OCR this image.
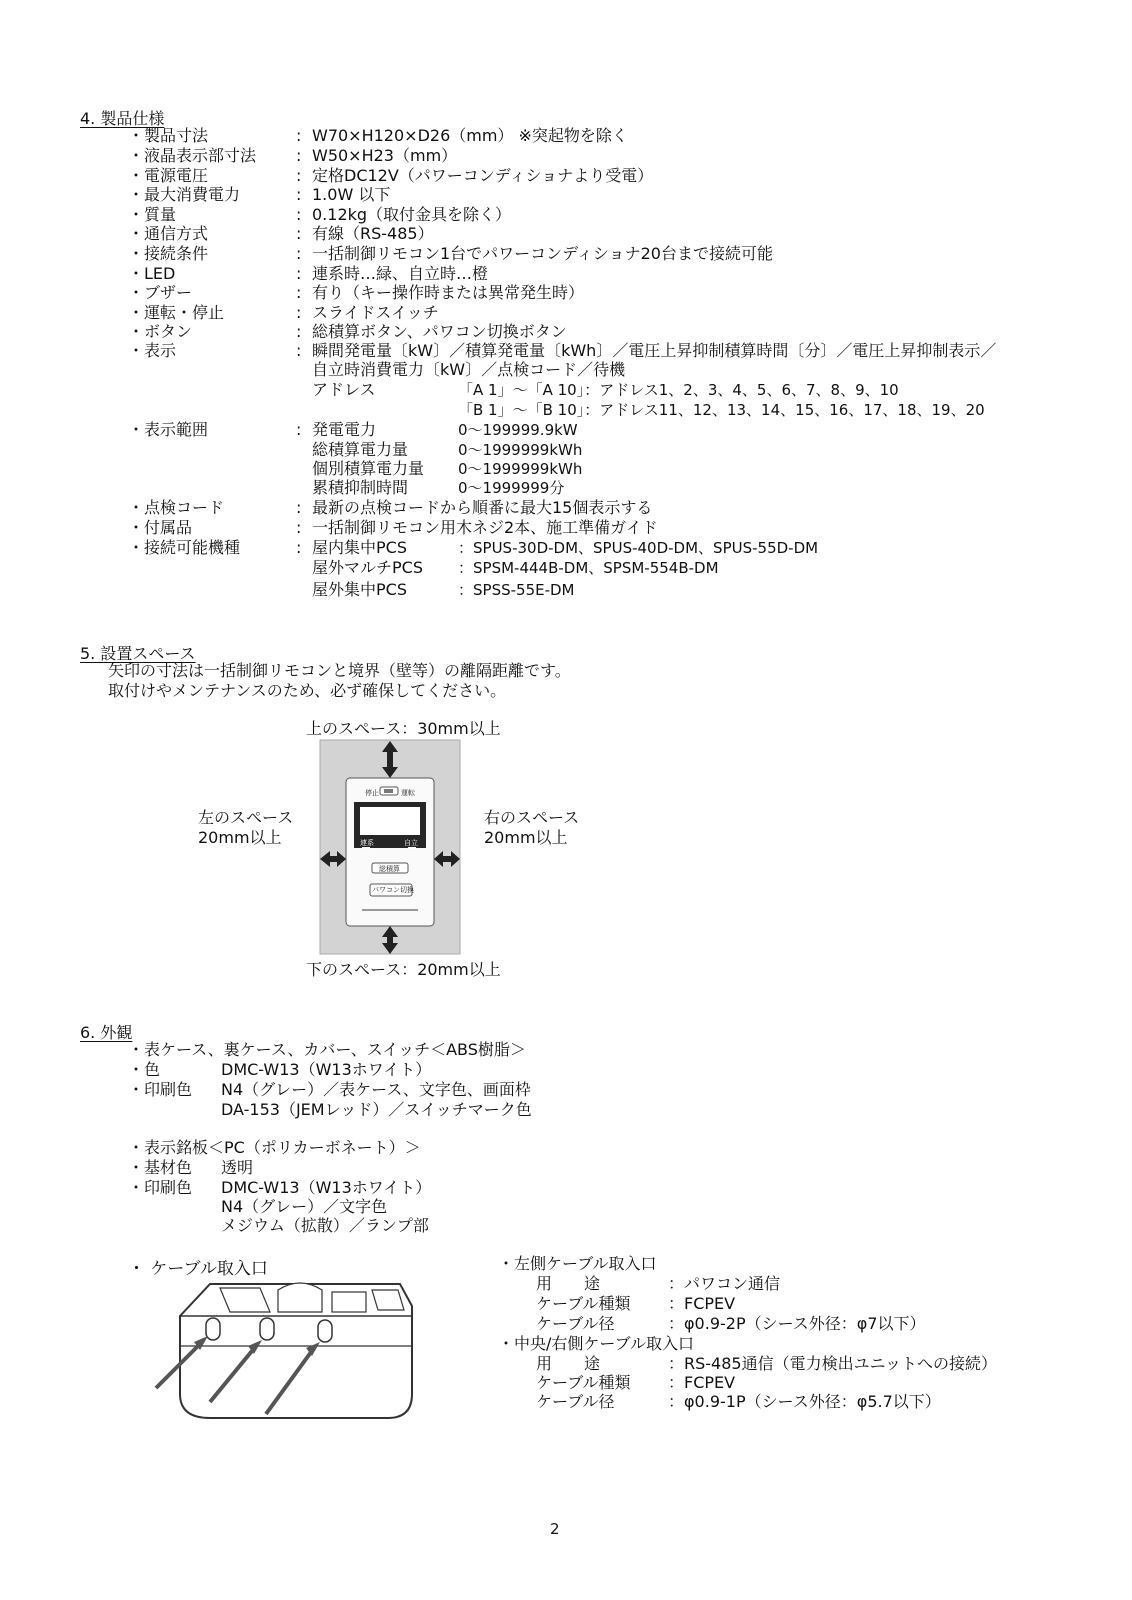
4. 製品仕様
・ 製品寸法	: W70×H120×D26（mm） ※突起物を除く
・ 液晶表示部寸法 : W50×H23（mm）
・ 電源電圧	: 定格DC12V（パワーコンディショナより受電）
・ 最大消費電力	: 1.0W 以下
・ 質量	: 0.12kg（取付金具を除く）
・ 通信方式	: 有線（RS-485）
・ 接続条件	: 一括制御リモコン1台でパワーコンディショナ20台まで接続可能
・ LED	: 連系時…緑、自立時…橙
・ ブザー	: 有り（キー操作時または異常発生時）
・ 運転・停止	: スライドスイッチ
・ ボタン	: 総積算ボタン、パワコン切換ボタン
・ 表示	: 瞬間発電量〔kW〕／積算発電量〔kWh〕／電圧上昇抑制積算時間〔分〕／電圧上昇抑制表示／
自立時消費電力〔kW〕／点検コード／待機
アドレス	「A 1」～「A 10」：アドレス1、2、3、4、5、6、7、8、9、10
「B 1」～「B 10」：アドレス11、12、13、14、15、16、17、18、19、20
・ 表示範囲	: 発電電力	0～199999.9kW
総積算電力量	0～1999999kWh
個別積算電力量 0～1999999kWh
累積抑制時間	0～1999999分
・ 点検コード	: 最新の点検コードから順番に最大15個表示する
・ 付属品	: 一括制御リモコン用木ネジ2本、施工準備ガイド
・ 接続可能機種	: 屋内集中PCS	：SPUS-30D-DM、SPUS-40D-DM、SPUS-55D-DM
屋外マルチPCS ：SPSM-444B-DM、SPSM-554B-DM
屋外集中PCS	：SPSS-55E-DM
5. 設置スペース
矢印の寸法は一括制御リモコンと境界（壁等）の離隔距離です。
取付けやメンテナンスのため、必ず確保してください。
上のスペース：30mm以上
下のスペース：20mm以上
左のスペース
20mm以上
右のスペース
20mm以上
停止	運転
連系	自立
総積算
パワコン切換
6. 外観
・ 表ケース、裏ケース、カバー、スイッチ＜ABS樹脂＞
・ 色	DMC-W13（W13ホワイト）
・ 印刷色 N4（グレー）／表ケース、文字色、画面枠
DA-153（JEMレッド）／スイッチマーク色
・ 表示銘板＜PC（ポリカーボネート）＞
・ 基材色 透明
・ 印刷色 DMC-W13（W13ホワイト）
N4（グレー）／文字色
メジウム（拡散）／ランプ部
・ ケーブル取入口	・左側ケーブル取入口
用　　途	：パワコン通信
ケーブル種類 ：FCPEV
ケーブル径	：φ0.9-2P（シース外径：φ7以下）
・中央/右側ケーブル取入口
用　　途	：RS-485通信（電力検出ユニットへの接続）
ケーブル種類 ：FCPEV
ケーブル径	：φ0.9-1P（シース外径：φ5.7以下）
2
